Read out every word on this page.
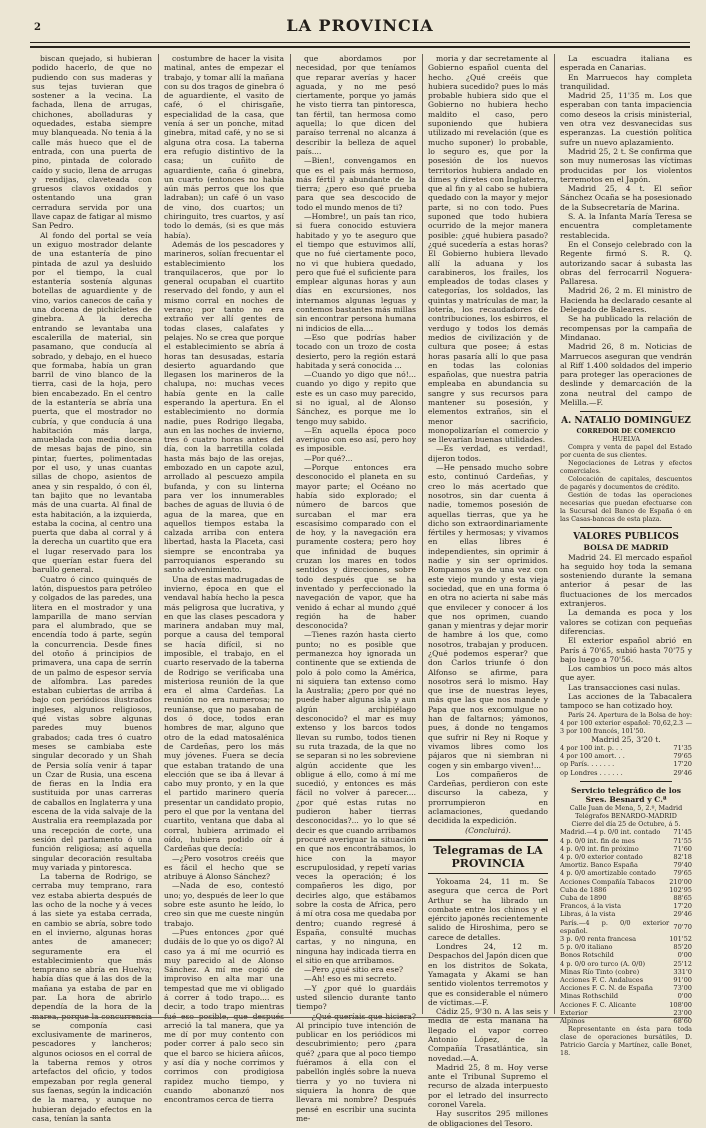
2	LA PROVINCIA

biscan quejado, si hubieran podido hacerlo, de que no pudiendo con sus maderas y sus tejas tuvieran que sostener a la vecina. La fachada, llena de arrugas, chichones, abolladuras y oquedades, estaba siempre muy blanqueada. No tenia á la calle más hueco que el de entrada, con una puerta de pino, pintada de colorado caído y sucio, llena de arrugas y rendijas, claveteada con gruesos clavos oxidados y ostentando una gran cerradura servida por una llave capaz de fatigar al mismo San Pedro.

Al fondo del portal se veía un exiguo mostrador delante de una estantería de pino pintada de azul ya desluido por el tiempo, la cual estantería sostenía algunas botellas de aguardiente y de vino, varios canecos de caña y una docena de pichicletes de ginebra. A la derecha entrando se levantaba una escalerilla de material, sin pasamano, que conducía al sobrado, y debajo, en el hueco que formaba, había un gran barril de vino blanco de la tierra, casi de la hoja, pero bien encabezado. En el centro de la estantería se abría una puerta, que el mostrador no cubría, y que conducía á una habitación más larga, amueblada con media docena de mesas bajas de pino, sin pintar, fuertes, polimentadas por el uso, y unas cuantas sillas de chopo, asientos de anea y sin respaldo, ó con él, tan bajito que no levantaba más de una cuarta. Al final de esta habitación, a la izquierda, estaba la cocina, al centro una puerta que daba al corral y á la derecha un cuartito que era el lugar reservado para los que querían estar fuera del barullo general.

Cuatro ó cinco quinqués de latón, dispuestos para petróleo y colgados de las paredes, una litera en el mostrador y una lamparilla de mano servían para el alumbrado, que se encendía todo á parte, según la concurrencia. Desde fines del otoño á principios de primavera, una capa de serrín de un palmo de espesor servía de alfombra. Las paredes estaban cubiertas de arriba á bajo con periódicos ilustrados ingleses, algunos religiosos, qué vistas sobre algunas paredes muy buenos grabados; cada tres ó cuatro meses se cambiaba este singular decorado y un Shah de Persia solía venir á tapar un Czar de Rusia, una escena de fieras en la India era sustituida por unas carreras de caballos en Inglaterra y una escena de la vida salvaje de la Australia era reemplazada por una recepción de corte, una sesión del parlamento ó una función religiosa; así aquella singular decoración resultaba muy variada y pintoresca.

La taberna de Rodrigo, se cerraba muy temprano, rara vez estaba abierta después de las ocho de la noche y á veces á las siete ya estaba cerrada, en cambio se abría, sobre todo en el invierno, algunas horas antes de amanecer; seguramente era el establecimiento que más temprano se abría en Huelva; había días que á las dos de la mañana ya estaba de par en par. La hora de abrirlo dependía de la hora de la marea, porque la concurrencia se componía casi exclusivamente de marineros, pescadores y lancheros; algunos ociosos en el corral de la taberna remos y otros artefactos del oficio, y todos empezaban por regla general sus faenas, según la indicación de la marea, y aunque no hubieran dejado efectos en la casa, tenían la santa

costumbre de hacer la visita matinal, antes de empezar el trabajo, y tomar allí la mañana con su dos tragos de ginebra ó de aguardiente, el vasito de café, ó el chirisgañe, especialidad de la casa, que venía á ser un ponche, mitad ginebra, mitad café, y no se si alguna otra cosa. La taberna era refugio distintivo de la casa; un cuñito de aguardiente, caña ó ginebra, un cuarto (entonces no había aún más perros que los que ladraban); un café ó un vaso de vino, dos cuartos; un chiringuito, tres cuartos, y así todo lo demás, (si es que más había).

Además de los pescadores y marineros, solían frecuentar el establecimiento los tranquilaceros, que por lo general ocupaban el cuartito reservado del fondo, y aun el mismo corral en noches de verano; por tanto no era extraño ver allí gentes de todas clases, calafates y pelajes. No se crea que porque el establecimiento se abría á horas tan desusadas, estaría desierto aguardando que llegasen los marineros de la chalupa, no: muchas veces había gente en la calle esperando la apertura. En el establecimiento no dormía nadie, pues Rodrigo llegaba, aun en las noches de invierno, tres ó cuatro horas antes del día, con la barretilla colada hasta más bajo de las orejas, embozado en un capote azul, arrollado al pescuezo ampila bufanda, y con su linterna para ver los innumerables baches de aguas de lluvia ó de agua de la marea, que en aquellos tiempos estaba la calzada arriba con entera libertad, hasta la Placeta, casi siempre se encontraba ya parroquianos esperando su santo advenimiento.

Una de estas madrugadas de invierno, época en que el vendaval había hecho la pesca más peligrosa que lucrativa, y en que las clases pescadora y marinera andaban muy mal, porque a causa del temporal se hacía difícil, si no imposible, el trabajo, en el cuarto reservado de la taberna de Rodrigo se verificaba una misteriosa reunión de la que era el alma Cardeñas. La reunión no era numerosa; no reuníanse, que no pasaban de dos ó doce, todos eran hombres de mar, alguno que otro de la edad matosalénica de Cardeñas, pero los más muy jóvenes. Fuera se decía que estaban tratando de una elección que se iba á llevar á cabo muy pronto, y en la que el partido marinero quería presentar un candidato propio, pero el que por la ventana del cuartito, ventana que daba al corral, hubiera arrimado el oído, hubiera podido oír á Cardeñas que decía:

—¿Pero vosotros creéis que es fácil el hecho que se atribuye á Alonso Sánchez?

—Nada de eso, contestó uno; yo, después de leer lo que sobre este asunto he leído, lo creo sin que me cueste ningún trabajo.

—Pues entonces ¿por qué dudáis de lo que yo os digo? Al caso ya á mí me ocurrió es muy parecido al de Alonso Sánchez. A mí me cogió de improviso en alta mar una tempestad que me vi obligado á correr á todo trapo.... es decir, a todo trapo mientras fué eso posible, que después arreció la tal manera, que ya me dí por muy contento con poder correr á palo seco sin que el barco se hiciera añicos, y así día y noche corrimos y corrimos con prodigiosa rapidez mucho tiempo, y cuando abonanzó nos encontramos cerca de tierra

que abordamos por necesidad, por que teníamos que reparar averías y hacer aguada, y no me pesó ciertamente, porque yo jamás he visto tierra tan pintoresca, tan fértil, tan hermosa como aquella; lo que dicen del paraíso terrenal no alcanza á describir la belleza de aquel país....

—Bien!, convengamos en que es el país más hermoso, más fértil y abundante de la tierra; ¿pero eso qué prueba para que sea descocido de todo el mundo menos de ti?

—Hombre!, un país tan rico, si fuera conocido estuviera habitado y yo te aseguro que el tiempo que estuvimos allí, que no fué ciertamente poco, no vi que hubiera quedado, pero que fué el suficiente para emplear algunas horas y aun días en excursiones, nos internamos algunas leguas y contemos bastantes más millas sin encontrar persona humana ni indicios de ella....

—Eso que podrías haber tocado con un trozo de costa desierto, pero la región estará habitada y será conocida ...

—Cuando yo digo que nó!... cuando yo digo y repito que este es un caso muy parecido, si no igual, al de Alonso Sánchez, es porque me lo tengo muy sabido.

—En aquella época poco averiguo con eso así, pero hoy es imposible.

—Por qué?...

—Porque entonces era desconocido el planeta en su mayor parte; el Océano no había sido explorado; el número de barcos que surcaban el mar era escasísimo comparado con el de hoy, y la navegación era puramente costera; pero hoy que infinidad de buques cruzan los mares en todos sentidos y direcciones, sobre todo después que se ha inventado y perfeccionado la navegación de vapor, que ha venido á echar al mundo ¿qué región ha de haber desconocida?

—Tienes razón hasta cierto punto; no es posible que permanezca hoy ignorada un continente que se extienda de polo á polo como la América, ni siquiera tan extenso como la Australia; ¿pero por qué no puede haber alguna isla y aun algún archipiélago desconocido? el mar es muy extenso y los barcos todos llevan su rumbo, todos tienen su ruta trazada, de la que no se separan si no les sobreviene algún accidente que les obligue á ello, como á mí me sucedió, y entonces es más fácil no volver á parecer.... ¿por qué estas rutas no pudieron haber tierras desconocidas?... yo lo que sé decir es que cuando arribamos procuré averiguar la situación en que nos encontrábamos, lo hice con la mayor escrupulosidad, y repetí varias veces la operación; é los compañeros les digo, por decirles algo, que estábamos sobre la costa de Africa, pero á mí otra cosa me quedaba por dentro; cuando regresé á España, consulté muchas cartas, y no ninguna, en ninguna hay indicada tierra en el sitio en que arribamos.

—Pero ¿qué sitio era ese?

—Ah! eso es mi secreto.

—Y ¿por qué lo guardáis usted silencio durante tanto tiempo?

—¿Qué queríais que hiciera? Al principio tuve intención de publicar en los periódicos mi descubrimiento; pero ¿para qué? ¿para que al poco tiempo fuéramos á ella con el pabellón inglés sobre la nueva tierra y yo no tuviera ni siquiera la honra de que llevara mi nombre? Después pensé en escribir una sucinta me-

moria y dar secretamente al Gobierno español cuenta del hecho. ¿Qué creéis que hubiera sucedido? pues lo más probable hubiera sido que el Gobierno no hubiera hecho maldito el caso, pero suponiendo que hubiera utilizado mi revelación (que es mucho suponer) lo probable, lo seguro es, que por la posesión de los nuevos territorios hubiera andado en dimes y diretes con Inglaterra, que al fin y al cabo se hubiera quedado con la mayor y mejor parte, si no con todo. Pues suponed que todo hubiera ocurrido de la mejor manera posible: ¿qué hubiera pasado? ¿qué sucedería a estas horas? El Gobierno hubiera llevado allí la aduana y los carabineros, los frailes, los empleados de todas clases y categorías, los soldados, las quintas y matrículas de mar, la lotería, los recaudadores de contribuciones, los esbirros, el verdugo y todos los demás medios de civilización y de cultura que posee; á estas horas pasaría allí lo que pasa en todas las colonias españolas, que nuestra patria empleaba en abundancia su sangre y sus recursos para mantener su posesión, y elementos extraños, sin el menor sacrificio, monopolizarían el comercio y se llevarían buenas utilidades.

—Es verdad, es verdad!, dijeron todos.

—He pensado mucho sobre esto, continuó Cardeñas, y creo lo más acertado que nosotros, sin dar cuenta á nadie, tomemos posesión de aquellas tierras, que ya he dicho son extraordinariamente fértiles y hermosas; y vivamos en ellas libres é independientes, sin oprimir á nadie y sin ser oprimidos. Rompamos ya de una vez con este viejo mundo y esta vieja sociedad, que en una forma ó en otra no acierta ni sabe más que envilecer y conocer á los que nos oprimen, cuando ganan y mientras y dejar morir de hambre á los que, como nosotros, trabajan y producen. ¿Qué podemos esperar? que don Carlos triunfe ó don Alfonso se afirme, para nosotros será lo mismo. Hay que irse de nuestras leyes, más que las que nos mande y Papa que nos excomulgue no han de faltarnos; yámonos, pues, á donde no tengamos que sufrir ni Rey ni Roque y vivamos libres como los pájaros que ni siembran ni cogen y sin embargo viven!...

Los compañeros de Cardeñas, perdieron con este discurso la cabeza, y prorrumpieron en aclamaciones, quedando decidida la expedición.

(Concluirá).

Telegramas de LA PROVINCIA

Yokoama 24, 11 m. Se asegura que cerca de Port Arthur se ha librado un combate entre los chinos y el ejército japonés recientemente salido de Hiroshima, pero se carece de detalles.

Londres 24, 12 m. Despachos del Japón dicen que en los distritos de Sokata, Yamagata y Akami se han sentido violentos terremotos y que es considerable el número de víctimas.—F.

Cádiz 25, 9'30 n. A las seis y media de esta mañana ha llegado el vapor correo Antonio López, de la Compañía Trasatlántica, sin novedad.—A.

Madrid 25, 8 m. Hoy verse ante el Tribunal Supremo el recurso de alzada interpuesto por el letrado del insurrecto coronel Varela.

Hay suscritos 295 millones de obligaciones del Tesoro.

La escuadra italiana es esperada en Canarias.

En Marruecos hay completa tranquilidad.

Madrid 25, 11'35 m. Los que esperaban con tanta impaciencia como deseos la crisis ministerial, ven otra vez desvanecidas sus esperanzas. La cuestión política sufre un nuevo aplazamiento.

Madrid 25, 2 t. Se confirma que son muy numerosas las víctimas producidas por los violentos terremotos en el Japón.

Madrid 25, 4 t. El señor Sánchez Ocaña se ha posesionado de la Subsecretaría de Marina.

S. A. la Infanta María Teresa se encuentra completamente restablecida.

En el Consejo celebrado con la Regente firmó S. R. Q. autorizando sacar á subasta las obras del ferrocarril Noguera-Pallaresa.

Madrid 26, 2 m. El ministro de Hacienda ha declarado cesante al Delegado de Baleares.

Se ha publicado la relación de recompensas por la campaña de Mindanao.

Madrid 26, 8 m. Noticias de Marruecos aseguran que vendrán al Riff 1.400 soldados del imperio para proteger las operaciones de deslinde y demarcación de la zona neutral del campo de Melilla.—F.

A. NATALIO DOMINGUEZ

CORREDOR DE COMERCIO

HUELVA

Compra y venta de papel del Estado por cuenta de sus clientes.

Negociaciones de Letras y efectos comerciales.

Colocación de capitales, descuentos de pagarés y documentos de crédito.

Gestión de todas las operaciones necesarias que puedan efectuarse con la Sucursal del Banco de España ó en las Casas-bancas de esta plaza.

VALORES PUBLICOS

BOLSA DE MADRID

Madrid 24. El mercado español ha seguido hoy toda la semana sosteniendo durante la semana anterior á pesar de las fluctuaciones de los mercados extranjeros.

La demanda es poca y los valores se cotizan con pequeñas diferencias.

El exterior español abrió en París á 70'65, subió hasta 70'75 y bajo luego a 70'56.

Los cambios un poco más altos que ayer.

Las transacciones casi nulas.

Las acciones de la Tabacalera tampoco se han cotizado hoy.

París 24. Apertura de la Bolsa de hoy: 4 por 100 exterior español: 70,62,2.3 — 3 por 100 francés, 101'50.

Madrid 25, 3'20 t.

4 por 100 int. p. . .	71'35
4 por 100 amort. . .	79'65
op París. . . . . . .	17'20
op Londres . . . . . .	29'46

Servicio telegráfico de los Sres. Besnard y C.ª

Calle Juan de Mena, 5, 2.º, Madrid

Telégrafos BENARDO-MADRID

Cierre del día 25 de Octubre, á 5.

Madrid.—4 p. 0/0 int. contado	71'45
4 p. 0/0 int. fin de mes	71'55
4 p. 0/0 int. fin próximo	71'60
4 p. 0/0 exterior contado	82'18
Amortiz. Banco España	79'40
4 p. 0/0 amortizable contado	79'65
Acciones Compañía Tabacos	210'00
Cuba de 1886	102'95
Cuba de 1890	88'65
Francos, á la vista	17'20
Libras, á la vista	29'46
París.—4 p. 0/0 exterior español.	70'70
3 p. 0/0 renta francesa	101'52
5 p. 0/0 italiano	85'20
Bonos Rotschild	0'00
4 p. 0/0 oro turco (A. 0/0)	25'12
Minas Río Tinto (cobre)	331'0
Acciones F. C. Andaluces	91'00
Acciones F. C. N. de España	73'00
Minas Rothschild	0'00
Acciones F. C. Alicante	108'00
Exterior	23'00
Alpinos	68'60

Representante en ésta para toda clase de operaciones bursátiles, D. Patricio García y Martínez, calle Bonet, 18.
